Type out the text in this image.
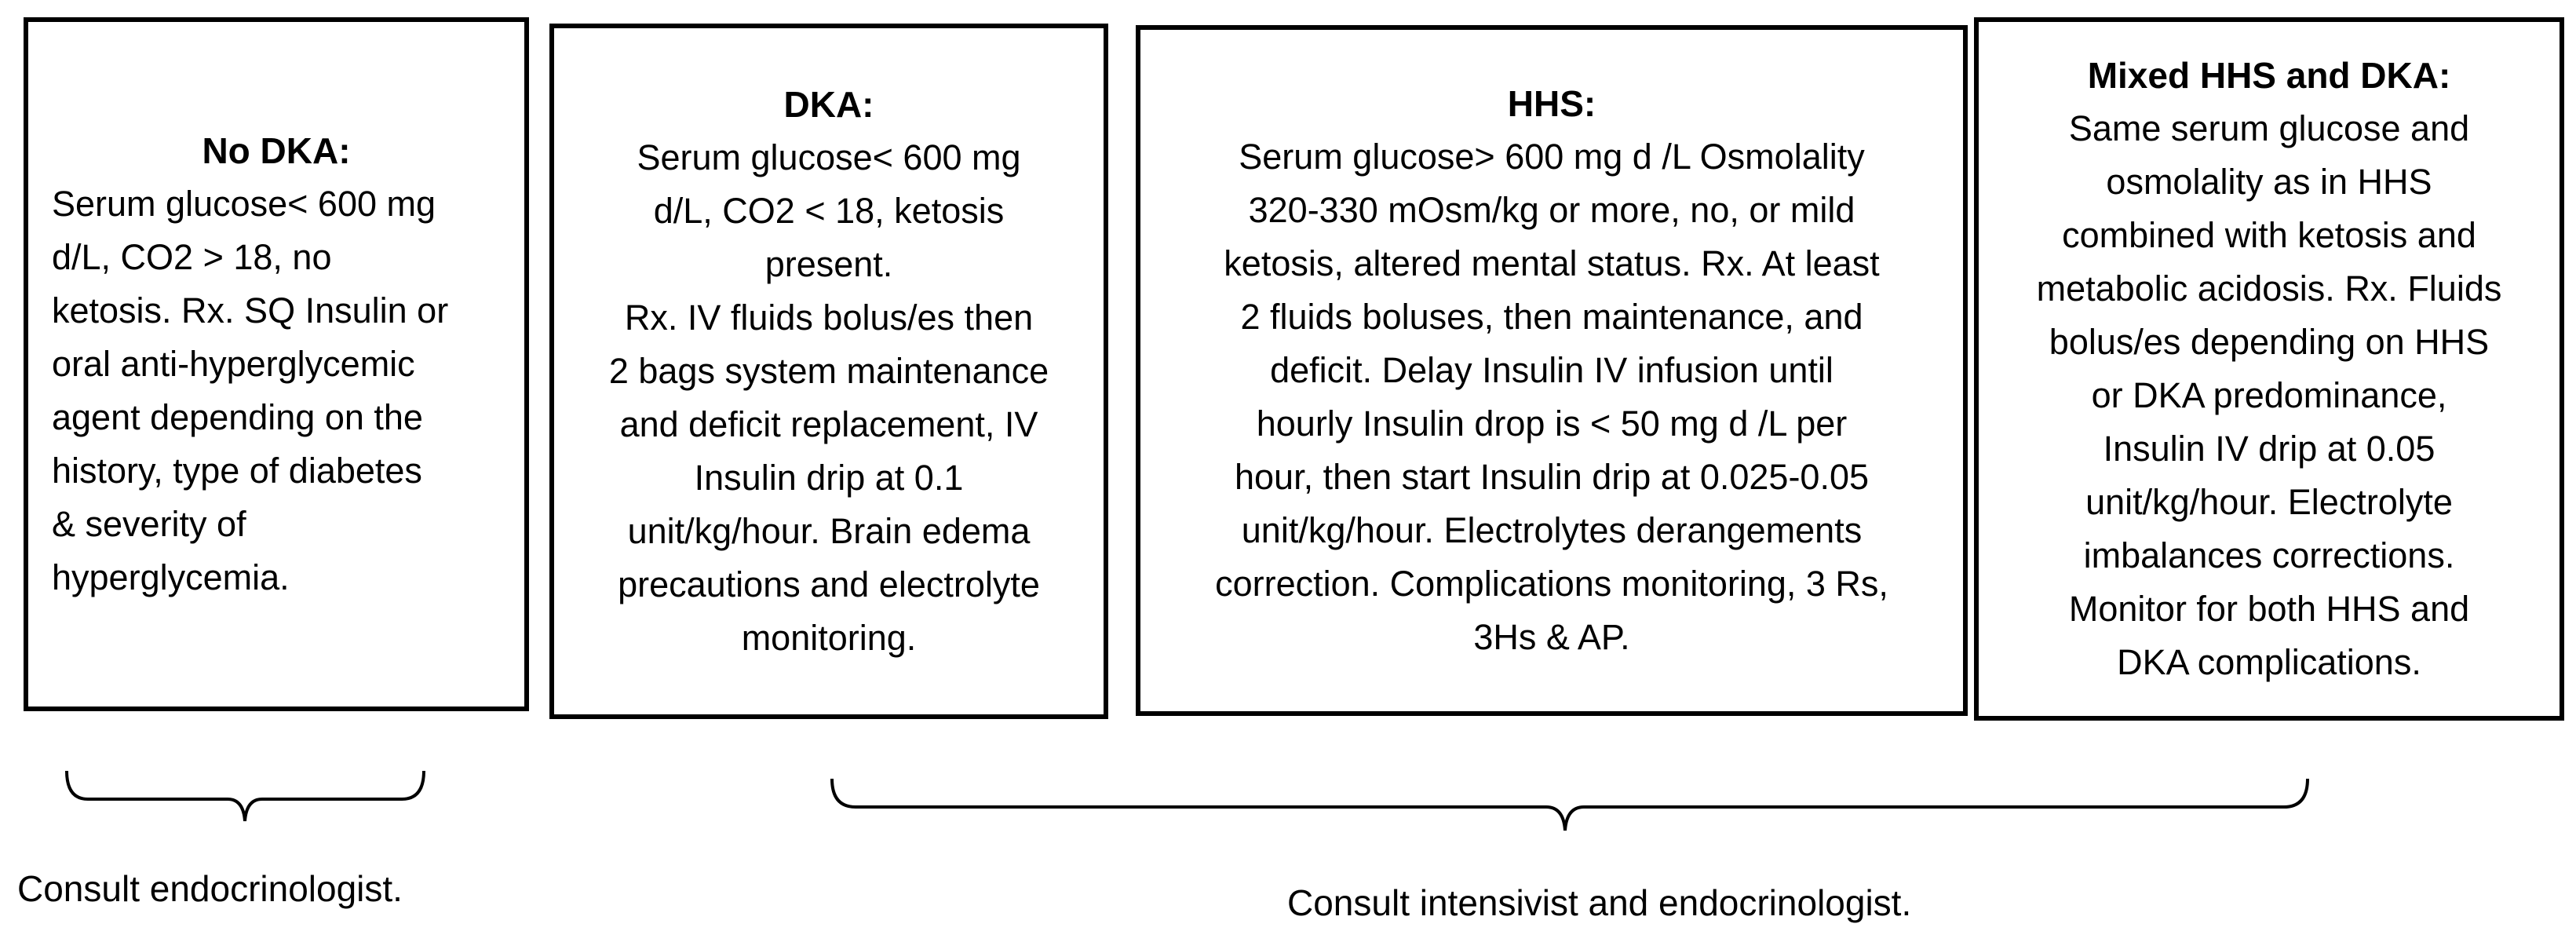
No DKA:
Serum glucose< 600 mg
d/L, CO2 > 18, no
ketosis. Rx. SQ Insulin or
oral anti-hyperglycemic
agent depending on the
history, type of diabetes
& severity of
hyperglycemia.
DKA:
Serum glucose< 600 mg
d/L, CO2 < 18, ketosis
present.
Rx. IV fluids bolus/es then
2 bags system maintenance
and deficit replacement, IV
Insulin drip at 0.1
unit/kg/hour. Brain edema
precautions and electrolyte
monitoring.
HHS:
Serum glucose> 600 mg d /L Osmolality
320-330 mOsm/kg or more, no, or mild
ketosis, altered mental status. Rx. At least
2 fluids boluses, then maintenance, and
deficit. Delay Insulin IV infusion until
hourly Insulin drop is < 50 mg d /L per
hour, then start Insulin drip at 0.025-0.05
unit/kg/hour. Electrolytes derangements
correction. Complications monitoring, 3 Rs,
3Hs & AP.
Mixed HHS and DKA:
Same serum glucose and
osmolality as in HHS
combined with ketosis and
metabolic acidosis. Rx. Fluids
bolus/es depending on HHS
or DKA predominance,
Insulin IV drip at 0.05
unit/kg/hour. Electrolyte
imbalances corrections.
Monitor for both HHS and
DKA complications.
Consult endocrinologist.	Consult intensivist and endocrinologist.
